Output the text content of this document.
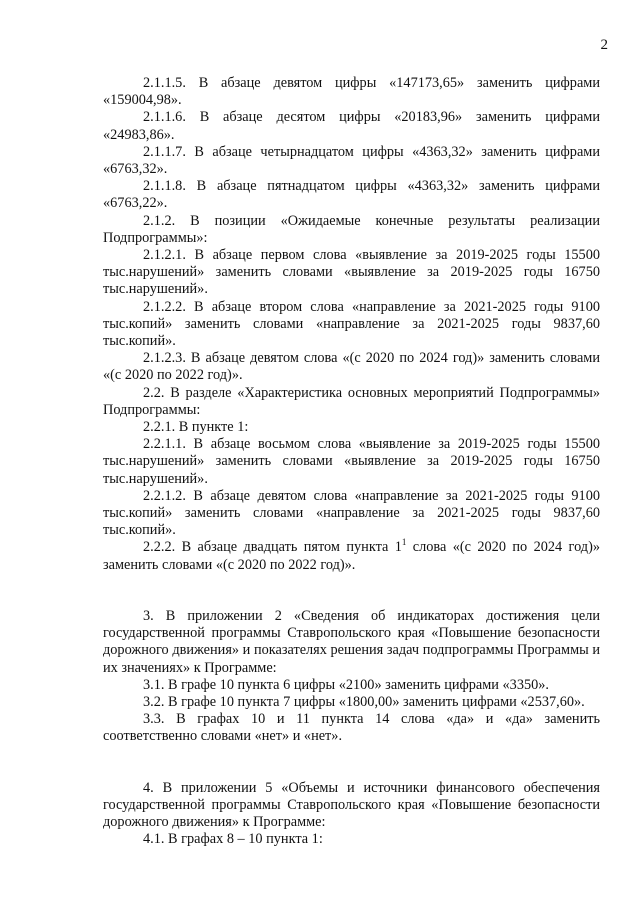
2

2.1.1.5. В абзаце девятом цифры «147173,65» заменить цифрами «159004,98».

2.1.1.6. В абзаце десятом цифры «20183,96» заменить цифрами «24983,86».

2.1.1.7. В абзаце четырнадцатом цифры «4363,32» заменить цифрами «6763,32».

2.1.1.8. В абзаце пятнадцатом цифры «4363,32» заменить цифрами «6763,22».

2.1.2. В позиции «Ожидаемые конечные результаты реализации Подпрограммы»:

2.1.2.1. В абзаце первом слова «выявление за 2019-2025 годы 15500 тыс.нарушений» заменить словами «выявление за 2019-2025 годы 16750 тыс.нарушений».

2.1.2.2. В абзаце втором слова «направление за 2021-2025 годы 9100 тыс.копий» заменить словами «направление за 2021-2025 годы 9837,60 тыс.копий».

2.1.2.3. В абзаце девятом слова «(с 2020 по 2024 год)» заменить словами «(с 2020 по 2022 год)».

2.2. В разделе «Характеристика основных мероприятий Подпрограммы» Подпрограммы:

2.2.1. В пункте 1:

2.2.1.1. В абзаце восьмом слова «выявление за 2019-2025 годы 15500 тыс.нарушений» заменить словами «выявление за 2019-2025 годы 16750 тыс.нарушений».

2.2.1.2. В абзаце девятом слова «направление за 2021-2025 годы 9100 тыс.копий» заменить словами «направление за 2021-2025 годы 9837,60 тыс.копий».

2.2.2. В абзаце двадцать пятом пункта $1^1$ слова «(с 2020 по 2024 год)» заменить словами «(с 2020 по 2022 год)».

3. В приложении 2 «Сведения об индикаторах достижения цели государственной программы Ставропольского края «Повышение безопасности дорожного движения» и показателях решения задач подпрограммы Программы и их значениях» к Программе:

3.1. В графе 10 пункта 6 цифры «2100» заменить цифрами «3350».

3.2. В графе 10 пункта 7 цифры «1800,00» заменить цифрами «2537,60».

3.3. В графах 10 и 11 пункта 14 слова «да» и «да» заменить соответственно словами «нет» и «нет».

4. В приложении 5 «Объемы и источники финансового обеспечения государственной программы Ставропольского края «Повышение безопасности дорожного движения» к Программе:

4.1. В графах 8 – 10 пункта 1:
